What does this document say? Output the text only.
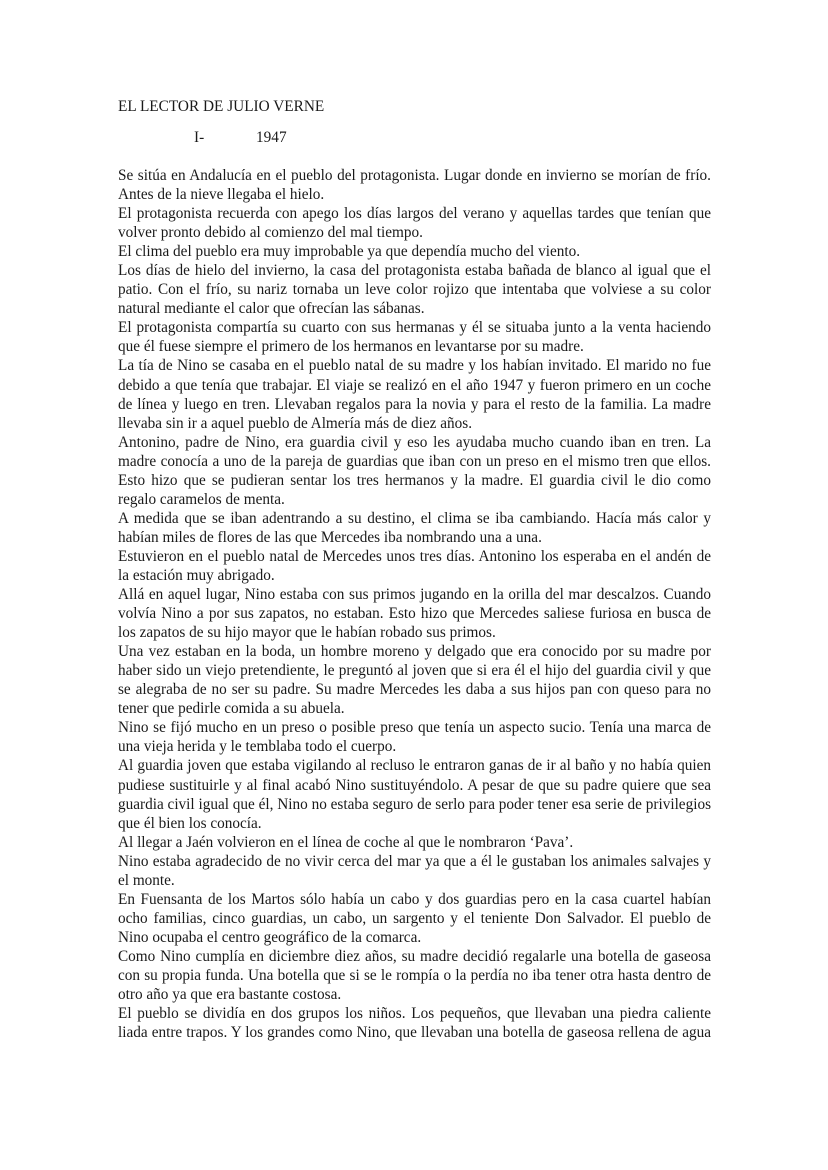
EL LECTOR DE JULIO VERNE
I-	1947

Se sitúa en Andalucía en el pueblo del protagonista. Lugar donde en invierno se morían de frío. Antes de la nieve llegaba el hielo.

El protagonista recuerda con apego los días largos del verano y aquellas tardes que tenían que volver pronto debido al comienzo del mal tiempo.

El clima del pueblo era muy improbable ya que dependía mucho del viento.

Los días de hielo del invierno, la casa del protagonista estaba bañada de blanco al igual que el patio. Con el frío, su nariz tornaba un leve color rojizo que intentaba que volviese a su color natural mediante el calor que ofrecían las sábanas.

El protagonista compartía su cuarto con sus hermanas y él se situaba junto a la venta haciendo que él fuese siempre el primero de los hermanos en levantarse por su madre.

La tía de Nino se casaba en el pueblo natal de su madre y los habían invitado. El marido no fue debido a que tenía que trabajar. El viaje se realizó en el año 1947 y fueron primero en un coche de línea y luego en tren. Llevaban regalos para la novia y para el resto de la familia. La madre llevaba sin ir a aquel pueblo de Almería más de diez años.

Antonino, padre de Nino, era guardia civil y eso les ayudaba mucho cuando iban en tren. La madre conocía a uno de la pareja de guardias que iban con un preso en el mismo tren que ellos. Esto hizo que se pudieran sentar los tres hermanos y la madre. El guardia civil le dio como regalo caramelos de menta.

A medida que se iban adentrando a su destino, el clima se iba cambiando. Hacía más calor y habían miles de flores de las que Mercedes iba nombrando una a una.

Estuvieron en el pueblo natal de Mercedes unos tres días. Antonino los esperaba en el andén de la estación muy abrigado.

Allá en aquel lugar, Nino estaba con sus primos jugando en la orilla del mar descalzos. Cuando volvía Nino a por sus zapatos, no estaban. Esto hizo que Mercedes saliese furiosa en busca de los zapatos de su hijo mayor que le habían robado sus primos.

Una vez estaban en la boda, un hombre moreno y delgado que era conocido por su madre por haber sido un viejo pretendiente, le preguntó al joven que si era él el hijo del guardia civil y que se alegraba de no ser su padre. Su madre Mercedes les daba a sus hijos pan con queso para no tener que pedirle comida a su abuela.

Nino se fijó mucho en un preso o posible preso que tenía un aspecto sucio. Tenía una marca de una vieja herida y le temblaba todo el cuerpo.

Al guardia joven que estaba vigilando al recluso le entraron ganas de ir al baño y no había quien pudiese sustituirle y al final acabó Nino sustituyéndolo. A pesar de que su padre quiere que sea guardia civil igual que él, Nino no estaba seguro de serlo para poder tener esa serie de privilegios que él bien los conocía.

Al llegar a Jaén volvieron en el línea de coche al que le nombraron ‘Pava’.

Nino estaba agradecido de no vivir cerca del mar ya que a él le gustaban los animales salvajes y el monte.

En Fuensanta de los Martos sólo había un cabo y dos guardias pero en la casa cuartel habían ocho familias, cinco guardias, un cabo, un sargento y el teniente Don Salvador. El pueblo de Nino ocupaba el centro geográfico de la comarca.

Como Nino cumplía en diciembre diez años, su madre decidió regalarle una botella de gaseosa con su propia funda. Una botella que si se le rompía o la perdía no iba tener otra hasta dentro de otro año ya que era bastante costosa.

El pueblo se dividía en dos grupos los niños. Los pequeños, que llevaban una piedra caliente liada entre trapos. Y los grandes como Nino, que llevaban una botella de gaseosa rellena de agua
